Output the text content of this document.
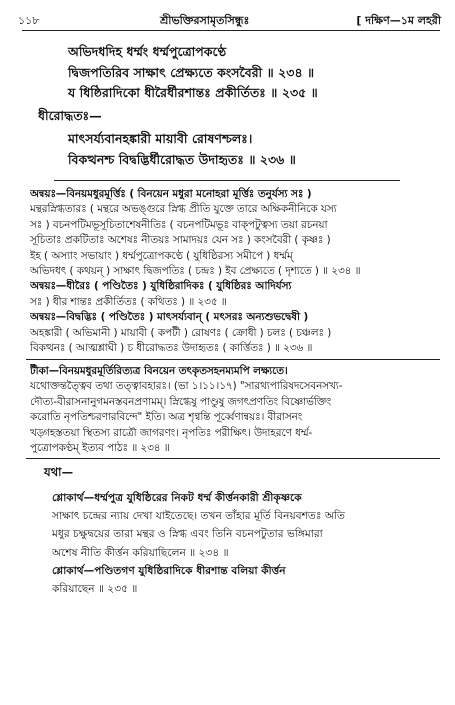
১১৮	শ্রীভক্তিরসামৃতসিন্ধুঃ	[ দক্ষিণ—১ম লহরী
অভিদধদিহ ধর্ম্মং ধর্ম্মপুত্রোপকণ্ঠে
দ্বিজপতিরিব সাক্ষাৎ প্রেক্ষ্যতে কংসবৈরী ॥ ২৩৪ ॥
য ধিষ্ঠিরাদিকো ধীরৈর্ধীরশান্তঃ প্রকীর্তিতঃ ॥ ২৩৫ ॥
ধীরোদ্ধতঃ—
মাৎসর্য্যবানহঙ্কারী মায়াবী রোষণশ্চলঃ।
বিকত্থনশ্চ বিদ্বদ্ভির্ধীরোদ্ধত উদাহৃতঃ ॥ ২৩৬ ॥

অন্বয়ঃ—বিনয়মধুরমূর্ত্তিঃ ( বিনয়েন মধুরা মনোহরা মূর্ত্তিঃ তনুর্যস্য সঃ )

মন্থরস্নিগ্ধতারঃ ( মন্থরে অভঙ্গুরে স্নিগ্ধ প্রীতি যুক্তে তারে অক্ষিকনীনিকে যস্য

সঃ ) বচনপটিমভূসূচিতাশেষনীতিঃ ( বচনপটিমভূঃ বাক্পটুত্বস্য তয়া রচনয়া

সূচিতাঃ প্রকটিতাঃ অশেষঃ নীতয়ঃ সামাদয়ঃ যেন সঃ ) কংসবৈরী ( কৃষ্ণঃ )

ইহ ( অস্যাং সভায়াং ) ধর্ম্মপুত্রোপকণ্ঠে ( যুধিষ্ঠিরস্য সমীপে ) ধর্ম্মম্

অভিদধৎ ( কথয়ন্ ) সাক্ষাৎ দ্বিজপতিঃ ( চন্দ্রঃ ) ইব প্রেক্ষ্যতে ( দৃশ্যতে ) ॥ ২৩৪ ॥

অন্বয়ঃ—ধীরৈঃ ( পণ্ডিতৈঃ ) যুধিষ্ঠিরাদিকঃ ( যুধিষ্ঠিরঃ আদির্যস্য

সঃ ) ধীর শান্তঃ প্রকীর্তিতঃ ( কথিতঃ ) ॥ ২৩৫ ॥

অন্বয়ঃ—বিদ্বদ্ভিঃ ( পণ্ডিতৈঃ ) মাৎসর্য্যবান্ ( মৎসরঃ অন্যশুভদ্বেষী )

অহঙ্কারী ( অভিমানী ) মায়াবী ( কপটী ) রোষণঃ ( ক্রোধী ) চলঃ ( চঞ্চলঃ )

বিকত্থনঃ ( আত্মশ্লাঘী ) চ ধীরোদ্ধতঃ উদাহৃতঃ ( কার্ত্তিতঃ ) ॥ ২৩৬ ॥

টীকা—বিনয়মধুরমূর্তিরিত্যত্র বিনয়েন তৎকৃতসহনম্যমপি লক্ষ্যতে।

যথোক্তন্তত্ত্বৈব তথা তত্ত্বাবহারঃ। (ভা ১।১১।১৭) "সারথ্যপারিষদসেবনসখ্য-

দৌত্য-বীরাসনানুগমনস্তবনপ্রণামম্। স্নিগ্ধেষু পাণ্ডুষু জগৎপ্রণতিং বিষ্ণোর্ভক্তিং

করোতি নৃপতিশ্চরণারবিন্দে" ইতি। অত্র শৃণ্বন্তি পূর্ব্বেণান্বয়ঃ। বীরাসনং

খড়্গহস্ততয়া স্থিতস্য রাত্রৌ জাগরণং। নৃপতিঃ পরীক্ষিৎ। উদাহরণে ধর্ম্ম-

পুত্রোপকণ্ঠম্ ইত্যব পাঠঃ ॥ ২৩৪ ॥

যথা—

শ্লোকার্থ—ধর্ম্মপুত্র যুধিষ্ঠিরের নিকট ধর্ম্ম কীর্ত্তনকারী শ্রীকৃষ্ণকে

সাক্ষাৎ চন্দ্রের ন্যায় দেখা যাইতেছে। তখন তাঁহার মূর্তি বিনয়বশতঃ অতি

মধুর চক্ষুদ্বয়ের তারা মন্থর ও স্নিগ্ধ এবং তিনি বচনপটুতার ভঙ্গিমারা

অশেষ নীতি কীর্ত্তন করিয়াছিলেন ॥ ২৩৪ ॥

শ্লোকার্থ—পণ্ডিতগণ যুধিষ্ঠিরাদিকে ধীরশান্ত বলিয়া কীর্ত্তন

করিয়াছেন ॥ ২৩৫ ॥
